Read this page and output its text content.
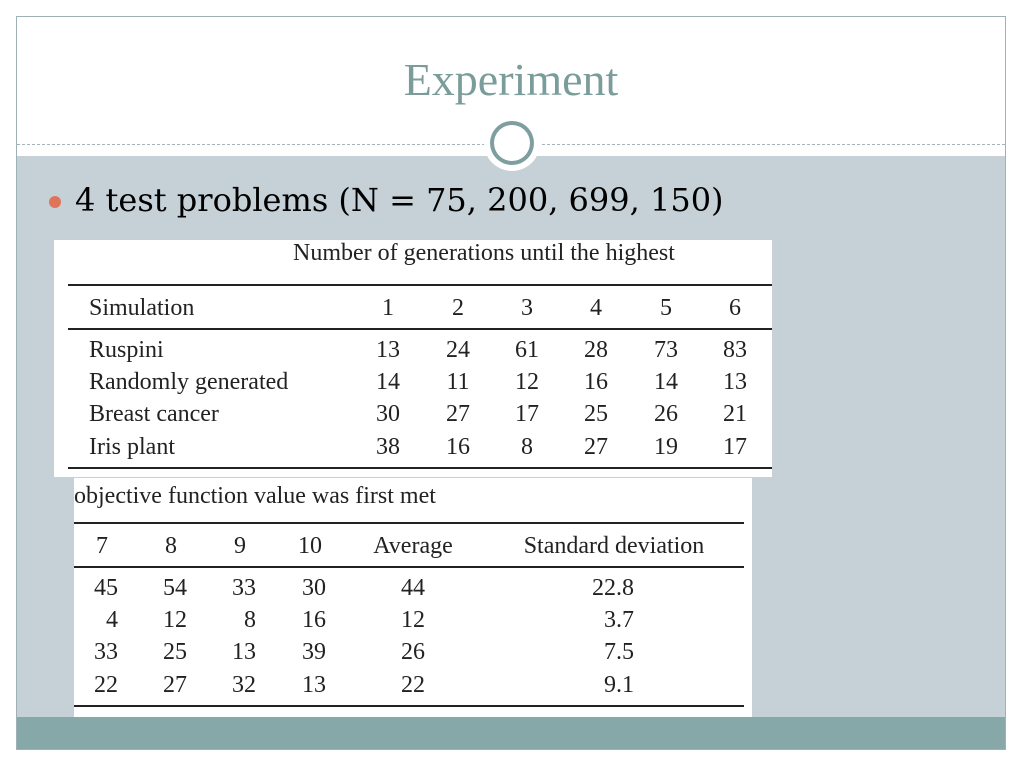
Experiment
4 test problems (N = 75, 200, 699, 150)
Number of generations until the highest
Simulation	1	2	3	4	5	6
Ruspini	13	24	61	28	73	83
Randomly generated	14	11	12	16	14	13
Breast cancer	30	27	17	25	26	21
Iris plant	38	16	8	27	19	17
objective function value was first met
7	8	9	10	Average	Standard deviation
45	54	33	30	44	22.8
4	12	8	16	12	3.7
33	25	13	39	26	7.5
22	27	32	13	22	9.1
